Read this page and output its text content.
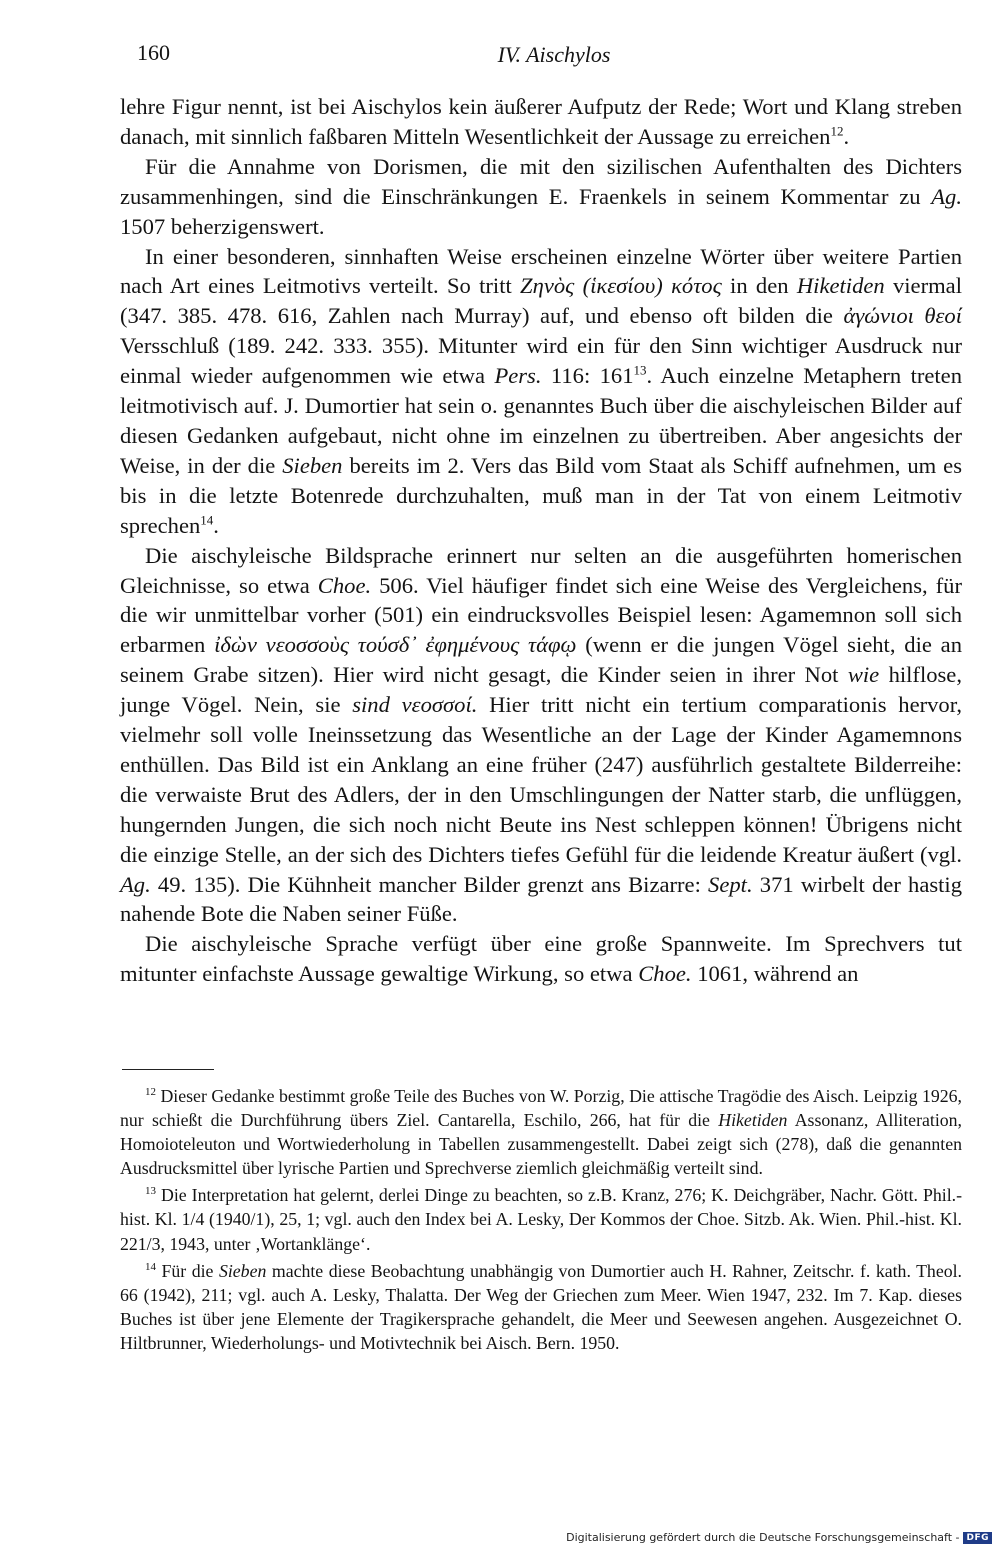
160	IV. Aischylos

lehre Figur nennt, ist bei Aischylos kein äußerer Aufputz der Rede; Wort und Klang streben danach, mit sinnlich faßbaren Mitteln Wesentlichkeit der Aussage zu erreichen$^{12}$.

Für die Annahme von Dorismen, die mit den sizilischen Aufenthalten des Dichters zusammenhingen, sind die Einschränkungen E. Fraenkels in seinem Kommentar zu Ag. 1507 beherzigenswert.

In einer besonderen, sinnhaften Weise erscheinen einzelne Wörter über weitere Partien nach Art eines Leitmotivs verteilt. So tritt Ζηνὸς (ἱκεσίου) κότος in den Hiketiden viermal (347. 385. 478. 616, Zahlen nach Murray) auf, und ebenso oft bilden die ἀγώνιοι θεοί Versschluß (189. 242. 333. 355). Mitunter wird ein für den Sinn wichtiger Ausdruck nur einmal wieder aufgenommen wie etwa Pers. 116: $161^{13}$. Auch einzelne Metaphern treten leitmotivisch auf. J. Dumortier hat sein o. genanntes Buch über die aischyleischen Bilder auf diesen Gedanken aufgebaut, nicht ohne im einzelnen zu übertreiben. Aber angesichts der Weise, in der die Sieben bereits im 2. Vers das Bild vom Staat als Schiff aufnehmen, um es bis in die letzte Botenrede durchzuhalten, muß man in der Tat von einem Leitmotiv sprechen$^{14}$.

Die aischyleische Bildsprache erinnert nur selten an die ausgeführten homerischen Gleichnisse, so etwa Choe. 506. Viel häufiger findet sich eine Weise des Vergleichens, für die wir unmittelbar vorher (501) ein eindrucksvolles Beispiel lesen: Agamemnon soll sich erbarmen ἰδὼν νεοσσοὺς τούσδ᾽ ἐφημένους τάφῳ (wenn er die jungen Vögel sieht, die an seinem Grabe sitzen). Hier wird nicht gesagt, die Kinder seien in ihrer Not wie hilflose, junge Vögel. Nein, sie sind νεοσσοί. Hier tritt nicht ein tertium comparationis hervor, vielmehr soll volle Ineinssetzung das Wesentliche an der Lage der Kinder Agamemnons enthüllen. Das Bild ist ein Anklang an eine früher (247) ausführlich gestaltete Bilderreihe: die verwaiste Brut des Adlers, der in den Umschlingungen der Natter starb, die unflüggen, hungernden Jungen, die sich noch nicht Beute ins Nest schleppen können! Übrigens nicht die einzige Stelle, an der sich des Dichters tiefes Gefühl für die leidende Kreatur äußert (vgl. Ag. 49. 135). Die Kühnheit mancher Bilder grenzt ans Bizarre: Sept. 371 wirbelt der hastig nahende Bote die Naben seiner Füße.

Die aischyleische Sprache verfügt über eine große Spannweite. Im Sprechvers tut mitunter einfachste Aussage gewaltige Wirkung, so etwa Choe. 1061, während an

$^{12}$ Dieser Gedanke bestimmt große Teile des Buches von W. Porzig, Die attische Tragödie des Aisch. Leipzig 1926, nur schießt die Durchführung übers Ziel. Cantarella, Eschilo, 266, hat für die Hiketiden Assonanz, Alliteration, Homoioteleuton und Wortwiederholung in Tabellen zusammengestellt. Dabei zeigt sich (278), daß die genannten Ausdrucksmittel über lyrische Partien und Sprechverse ziemlich gleichmäßig verteilt sind.

$^{13}$ Die Interpretation hat gelernt, derlei Dinge zu beachten, so z.B. Kranz, 276; K. Deichgräber, Nachr. Gött. Phil.-hist. Kl. 1/4 (1940/1), 25, 1; vgl. auch den Index bei A. Lesky, Der Kommos der Choe. Sitzb. Ak. Wien. Phil.-hist. Kl. 221/3, 1943, unter ‚Wortanklänge‘.

$^{14}$ Für die Sieben machte diese Beobachtung unabhängig von Dumortier auch H. Rahner, Zeitschr. f. kath. Theol. 66 (1942), 211; vgl. auch A. Lesky, Thalatta. Der Weg der Griechen zum Meer. Wien 1947, 232. Im 7. Kap. dieses Buches ist über jene Elemente der Tragikersprache gehandelt, die Meer und Seewesen angehen. Ausgezeichnet O. Hiltbrunner, Wiederholungs- und Motivtechnik bei Aisch. Bern. 1950.

Digitalisierung gefördert durch die Deutsche Forschungsgemeinschaft - DFG
